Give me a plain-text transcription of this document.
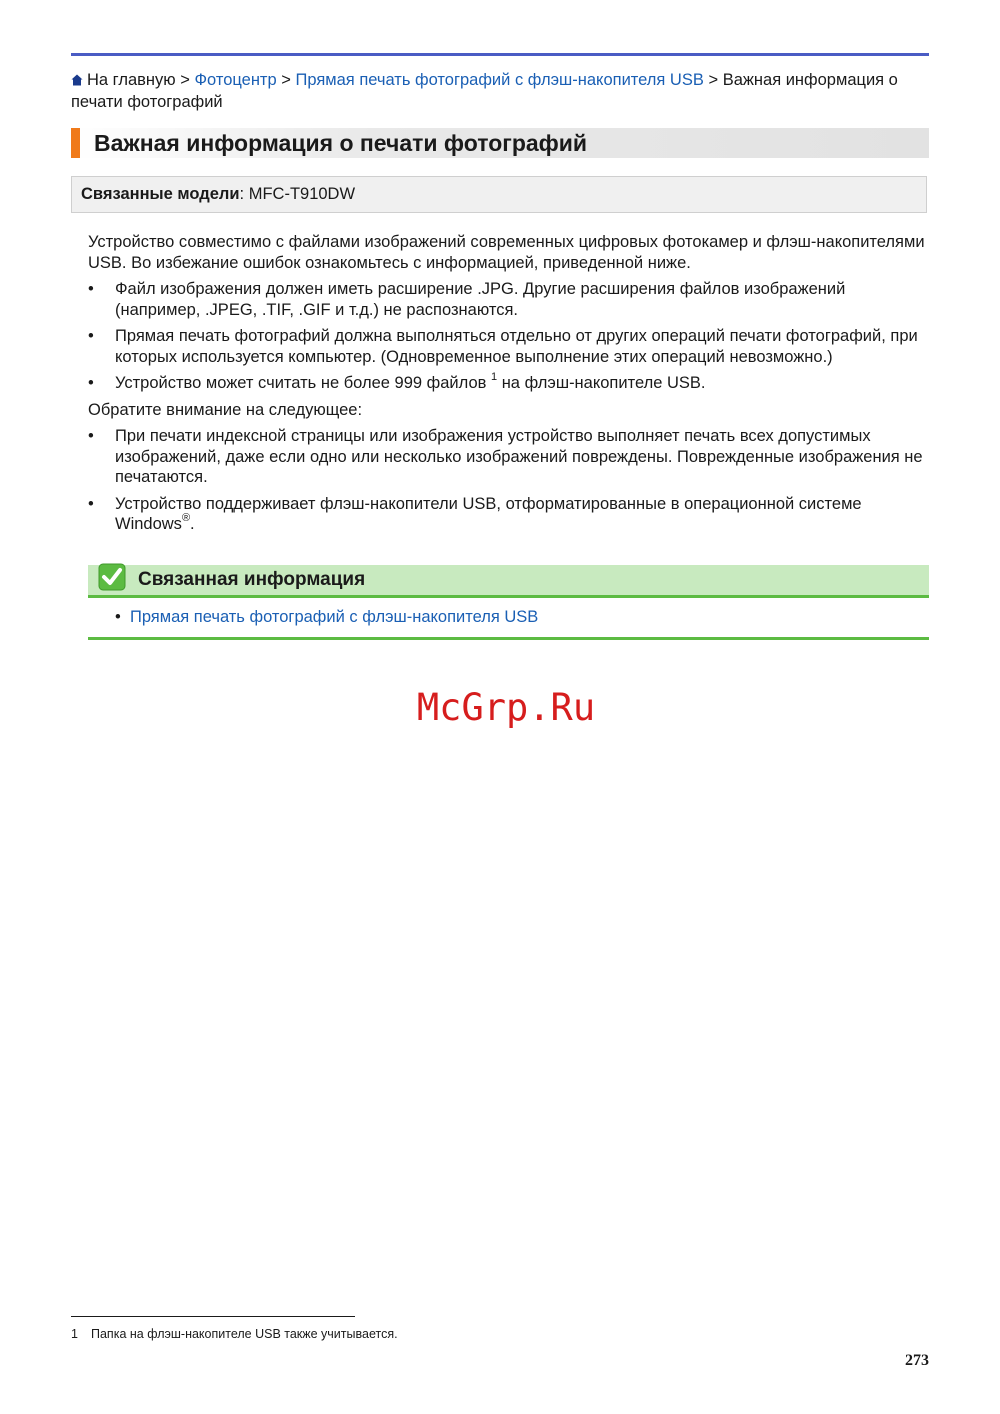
На главную > Фотоцентр > Прямая печать фотографий с флэш-накопителя USB > Важная информация о печати фотографий
Важная информация о печати фотографий
Связанные модели: MFC-T910DW

Устройство совместимо с файлами изображений современных цифровых фотокамер и флэш-накопителями USB. Во избежание ошибок ознакомьтесь с информацией, приведенной ниже.

• Файл изображения должен иметь расширение .JPG. Другие расширения файлов изображений (например, .JPEG, .TIF, .GIF и т.д.) не распознаются.
• Прямая печать фотографий должна выполняться отдельно от других операций печати фотографий, при которых используется компьютер. (Одновременное выполнение этих операций невозможно.)
• Устройство может считать не более 999 файлов $^1$ на флэш-накопителе USB.

Обратите внимание на следующее:

• При печати индексной страницы или изображения устройство выполняет печать всех допустимых изображений, даже если одно или несколько изображений повреждены. Поврежденные изображения не печатаются.
• Устройство поддерживает флэш-накопители USB, отформатированные в операционной системе Windows®.
Связанная информация
•  Прямая печать фотографий с флэш-накопителя USB
McGrp.Ru
1 Папка на флэш-накопителе USB также учитывается.
273
